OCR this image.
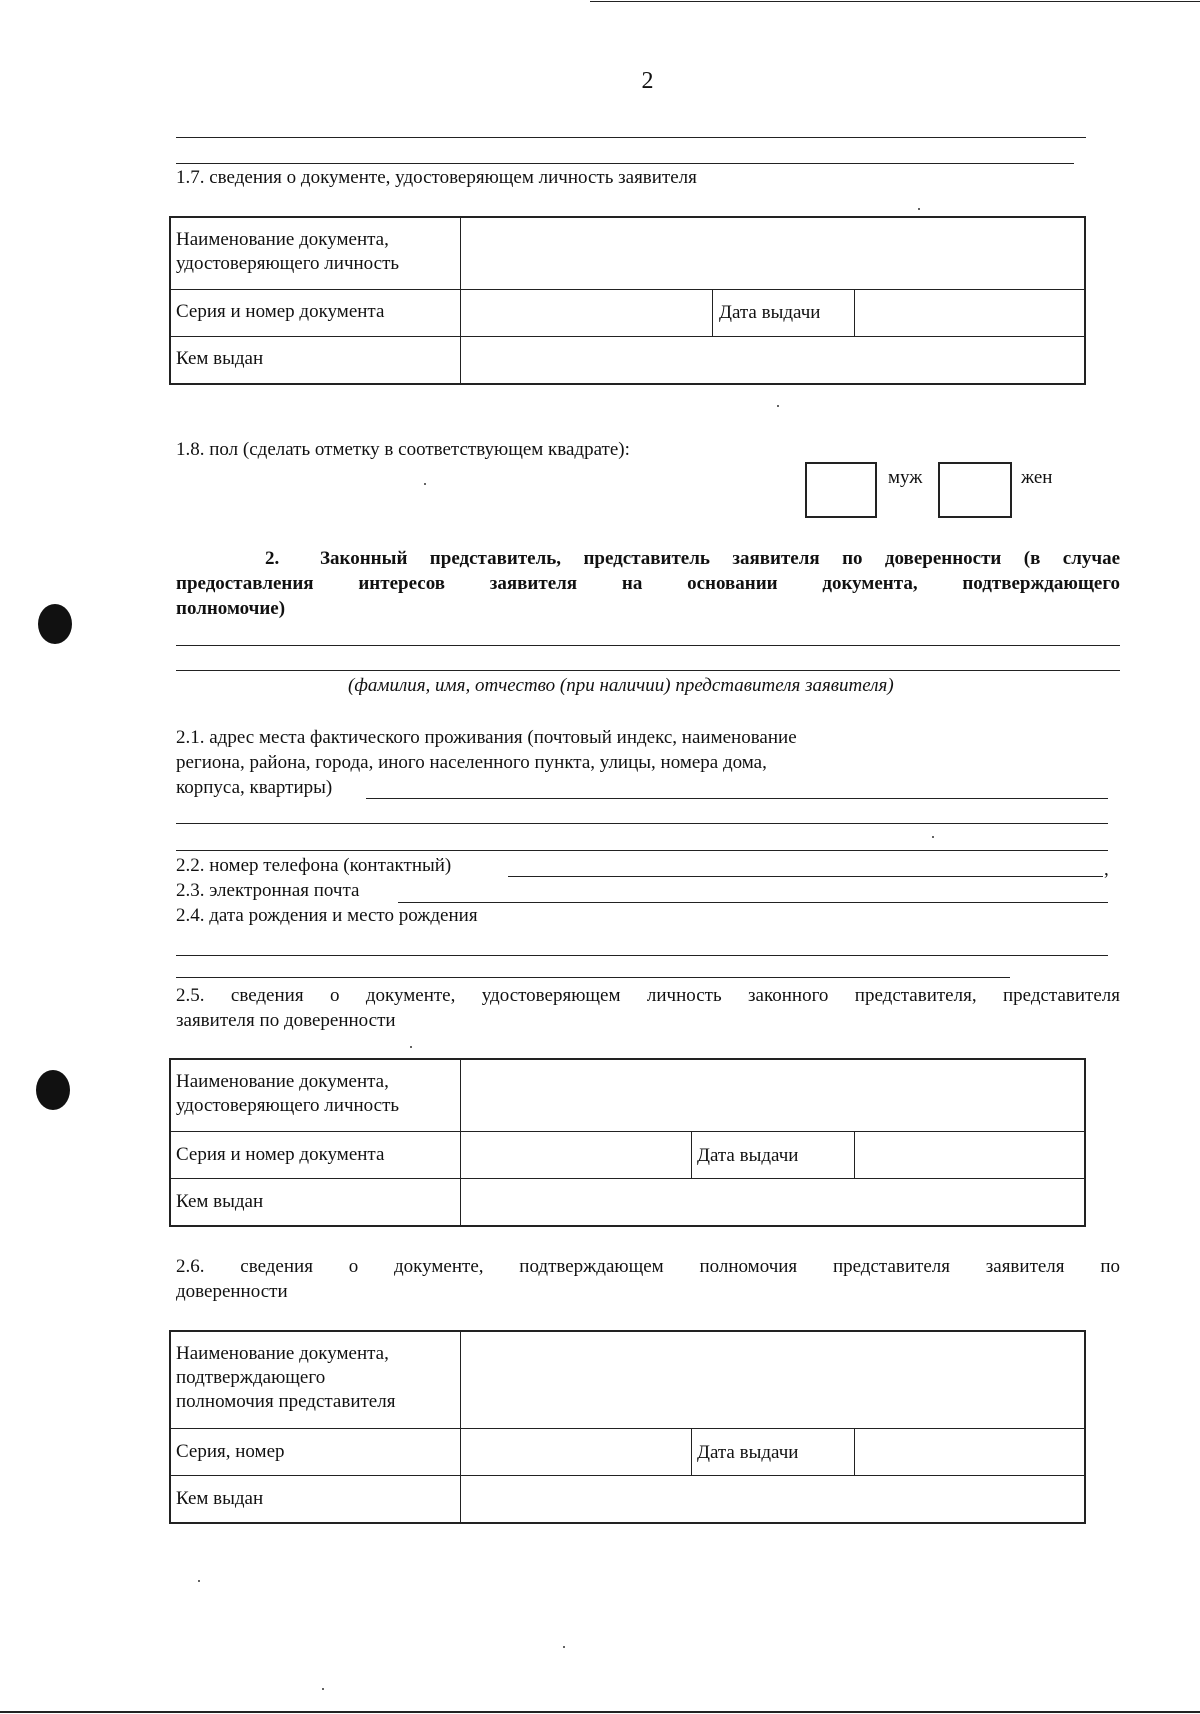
2
1.7. сведения о документе, удостоверяющем личность заявителя
Наименование документа,
удостоверяющего личность
Серия и номер документа	Дата выдачи
Кем выдан
1.8. пол (сделать отметку в соответствующем квадрате):
муж	жен
2. Законный представитель, представитель заявителя по доверенности (в случае
предоставления интересов заявителя на основании документа, подтверждающего
полномочие)
(фамилия, имя, отчество (при наличии) представителя заявителя)
2.1. адрес места фактического проживания (почтовый индекс, наименование
региона, района, города, иного населенного пункта, улицы, номера дома,
корпуса, квартиры)
2.2. номер телефона (контактный)	,
2.3. электронная почта
2.4. дата рождения и место рождения
2.5. сведения о документе, удостоверяющем личность законного представителя, представителя
заявителя по доверенности
Наименование документа,
удостоверяющего личность
Серия и номер документа	Дата выдачи
Кем выдан
2.6. сведения о документе, подтверждающем полномочия представителя заявителя по
доверенности
Наименование документа,
подтверждающего
полномочия представителя
Серия, номер	Дата выдачи
Кем выдан
